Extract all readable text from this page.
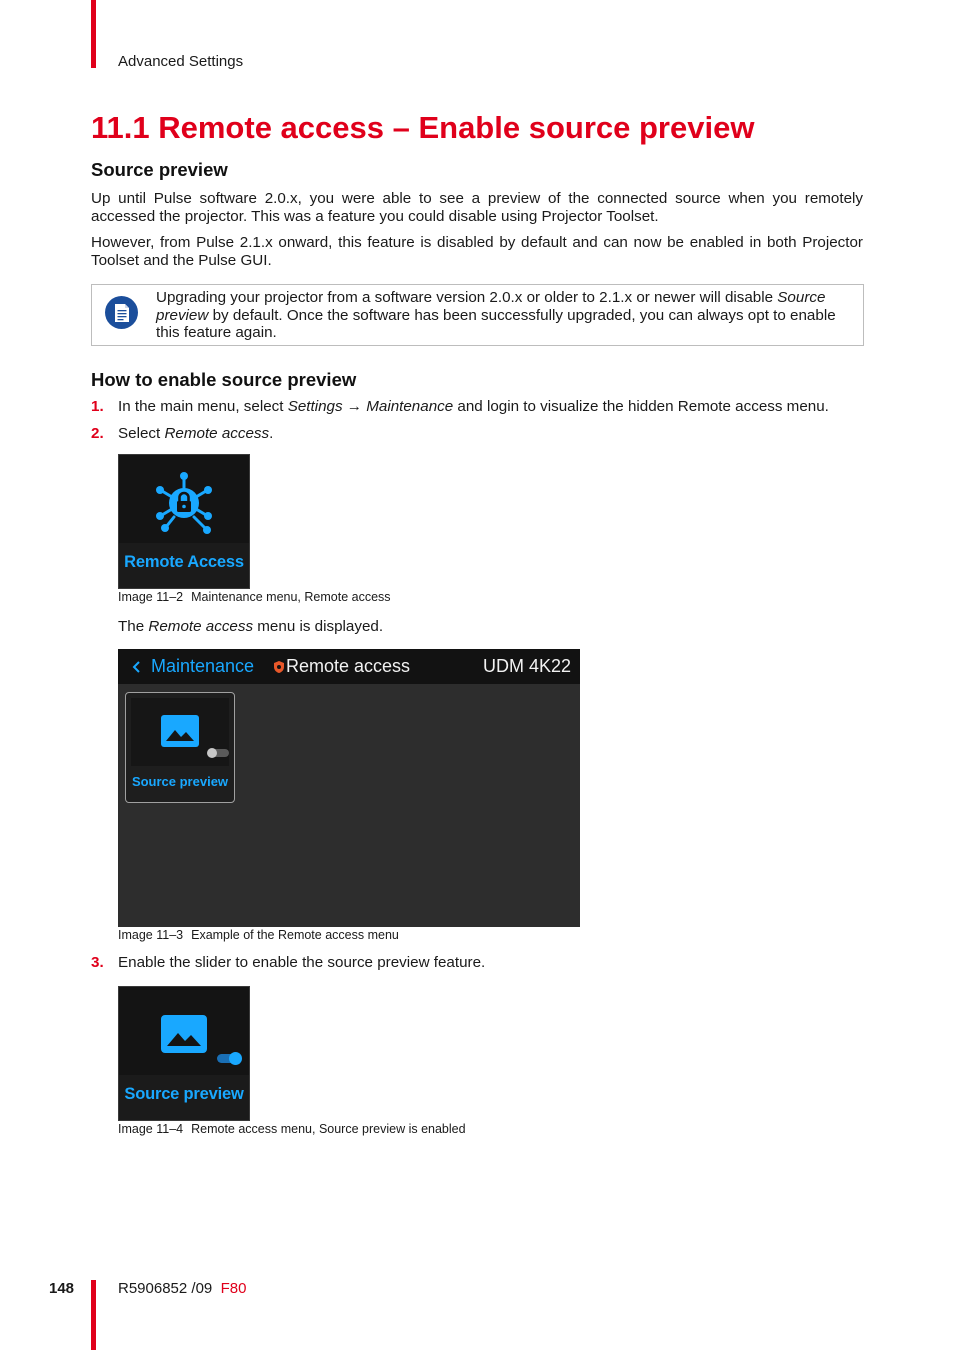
Advanced Settings
11.1 Remote access – Enable source preview
Source preview
Up until Pulse software 2.0.x, you were able to see a preview of the connected source when you remotely accessed the projector. This was a feature you could disable using Projector Toolset.
However, from Pulse 2.1.x onward, this feature is disabled by default and can now be enabled in both Projector Toolset and the Pulse GUI.
Upgrading your projector from a software version 2.0.x or older to 2.1.x or newer will disable Source preview by default. Once the software has been successfully upgraded, you can always opt to enable this feature again.
How to enable source preview
1. In the main menu, select Settings → Maintenance and login to visualize the hidden Remote access menu.
2. Select Remote access.
Remote Access
Image 11–2 Maintenance menu, Remote access
The Remote access menu is displayed.
Maintenance Remote access	UDM 4K22
Source preview
Image 11–3 Example of the Remote access menu
3. Enable the slider to enable the source preview feature.
Source preview
Image 11–4 Remote access menu, Source preview is enabled
148	R5906852 /09 F80
